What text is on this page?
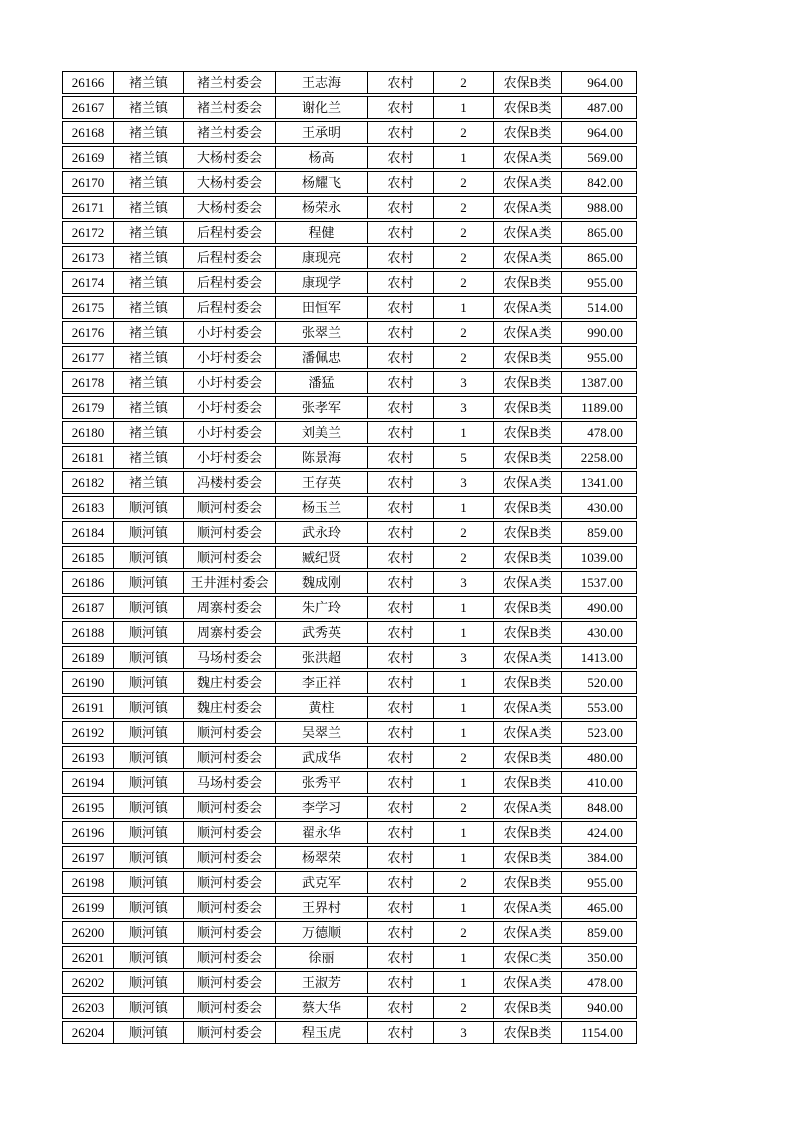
26166	褚兰镇	褚兰村委会	王志海	农村	2	农保B类	964.00
26167	褚兰镇	褚兰村委会	谢化兰	农村	1	农保B类	487.00
26168	褚兰镇	褚兰村委会	王承明	农村	2	农保B类	964.00
26169	褚兰镇	大杨村委会	杨高	农村	1	农保A类	569.00
26170	褚兰镇	大杨村委会	杨耀飞	农村	2	农保A类	842.00
26171	褚兰镇	大杨村委会	杨荣永	农村	2	农保A类	988.00
26172	褚兰镇	后程村委会	程健	农村	2	农保A类	865.00
26173	褚兰镇	后程村委会	康现亮	农村	2	农保A类	865.00
26174	褚兰镇	后程村委会	康现学	农村	2	农保B类	955.00
26175	褚兰镇	后程村委会	田恒军	农村	1	农保A类	514.00
26176	褚兰镇	小圩村委会	张翠兰	农村	2	农保A类	990.00
26177	褚兰镇	小圩村委会	潘佩忠	农村	2	农保B类	955.00
26178	褚兰镇	小圩村委会	潘猛	农村	3	农保B类	1387.00
26179	褚兰镇	小圩村委会	张孝军	农村	3	农保B类	1189.00
26180	褚兰镇	小圩村委会	刘美兰	农村	1	农保B类	478.00
26181	褚兰镇	小圩村委会	陈景海	农村	5	农保B类	2258.00
26182	褚兰镇	冯楼村委会	王存英	农村	3	农保A类	1341.00
26183	顺河镇	顺河村委会	杨玉兰	农村	1	农保B类	430.00
26184	顺河镇	顺河村委会	武永玲	农村	2	农保B类	859.00
26185	顺河镇	顺河村委会	臧纪贤	农村	2	农保B类	1039.00
26186	顺河镇	王井涯村委会	魏成刚	农村	3	农保A类	1537.00
26187	顺河镇	周寨村委会	朱广玲	农村	1	农保B类	490.00
26188	顺河镇	周寨村委会	武秀英	农村	1	农保B类	430.00
26189	顺河镇	马场村委会	张洪超	农村	3	农保A类	1413.00
26190	顺河镇	魏庄村委会	李正祥	农村	1	农保B类	520.00
26191	顺河镇	魏庄村委会	黄柱	农村	1	农保A类	553.00
26192	顺河镇	顺河村委会	吴翠兰	农村	1	农保A类	523.00
26193	顺河镇	顺河村委会	武成华	农村	2	农保B类	480.00
26194	顺河镇	马场村委会	张秀平	农村	1	农保B类	410.00
26195	顺河镇	顺河村委会	李学习	农村	2	农保A类	848.00
26196	顺河镇	顺河村委会	翟永华	农村	1	农保B类	424.00
26197	顺河镇	顺河村委会	杨翠荣	农村	1	农保B类	384.00
26198	顺河镇	顺河村委会	武克军	农村	2	农保B类	955.00
26199	顺河镇	顺河村委会	王界村	农村	1	农保A类	465.00
26200	顺河镇	顺河村委会	万德顺	农村	2	农保A类	859.00
26201	顺河镇	顺河村委会	徐丽	农村	1	农保C类	350.00
26202	顺河镇	顺河村委会	王淑芳	农村	1	农保A类	478.00
26203	顺河镇	顺河村委会	蔡大华	农村	2	农保B类	940.00
26204	顺河镇	顺河村委会	程玉虎	农村	3	农保B类	1154.00
